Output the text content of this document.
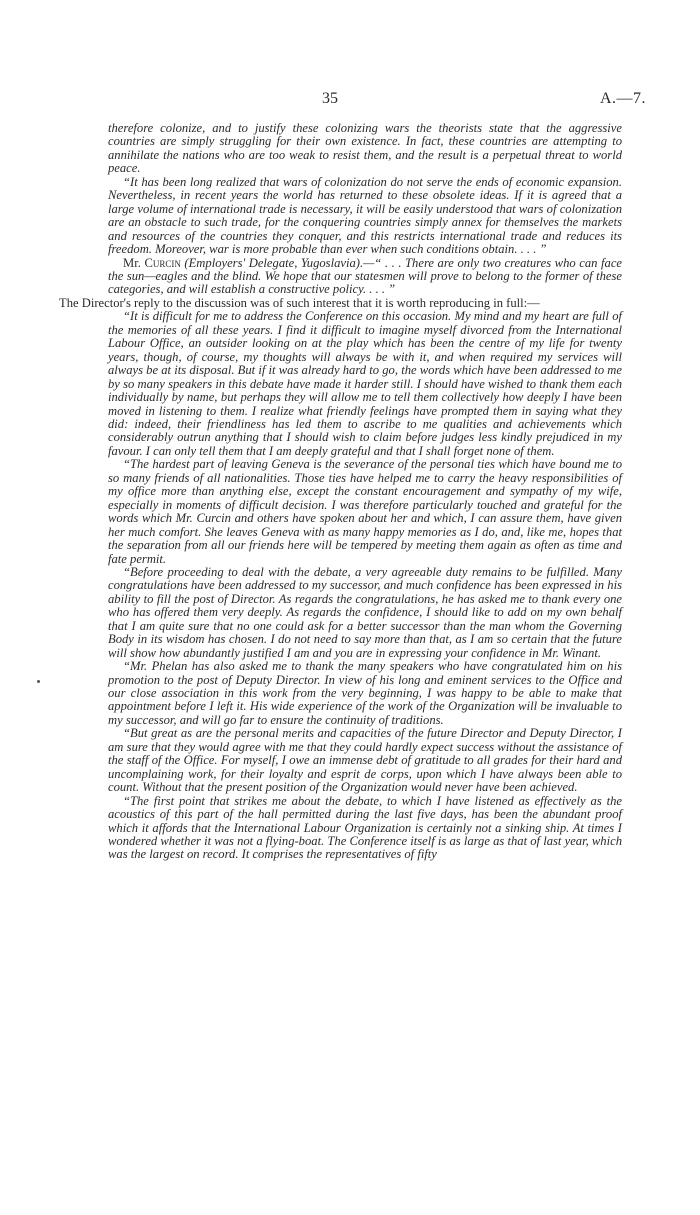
35	A.—7.

therefore colonize, and to justify these colonizing wars the theorists state that the aggressive countries are simply struggling for their own existence. In fact, these countries are attempting to annihilate the nations who are too weak to resist them, and the result is a perpetual threat to world peace.

“It has been long realized that wars of colonization do not serve the ends of economic expansion. Nevertheless, in recent years the world has returned to these obsolete ideas. If it is agreed that a large volume of international trade is necessary, it will be easily understood that wars of colonization are an obstacle to such trade, for the conquering countries simply annex for themselves the markets and resources of the countries they conquer, and this restricts international trade and reduces its freedom. Moreover, war is more probable than ever when such conditions obtain. . . . ”

Mr. Curcin (Employers' Delegate, Yugoslavia).—“ . . . There are only two creatures who can face the sun—eagles and the blind. We hope that our statesmen will prove to belong to the former of these categories, and will establish a constructive policy. . . . ”

The Director's reply to the discussion was of such interest that it is worth reproducing in full:—

“It is difficult for me to address the Conference on this occasion. My mind and my heart are full of the memories of all these years. I find it difficult to imagine myself divorced from the International Labour Office, an outsider looking on at the play which has been the centre of my life for twenty years, though, of course, my thoughts will always be with it, and when required my services will always be at its disposal. But if it was already hard to go, the words which have been addressed to me by so many speakers in this debate have made it harder still. I should have wished to thank them each individually by name, but perhaps they will allow me to tell them collectively how deeply I have been moved in listening to them. I realize what friendly feelings have prompted them in saying what they did: indeed, their friendliness has led them to ascribe to me qualities and achievements which considerably outrun anything that I should wish to claim before judges less kindly prejudiced in my favour. I can only tell them that I am deeply grateful and that I shall forget none of them.

“The hardest part of leaving Geneva is the severance of the personal ties which have bound me to so many friends of all nationalities. Those ties have helped me to carry the heavy responsibilities of my office more than anything else, except the constant encouragement and sympathy of my wife, especially in moments of difficult decision. I was therefore particularly touched and grateful for the words which Mr. Curcin and others have spoken about her and which, I can assure them, have given her much comfort. She leaves Geneva with as many happy memories as I do, and, like me, hopes that the separation from all our friends here will be tempered by meeting them again as often as time and fate permit.

“Before proceeding to deal with the debate, a very agreeable duty remains to be fulfilled. Many congratulations have been addressed to my successor, and much confidence has been expressed in his ability to fill the post of Director. As regards the congratulations, he has asked me to thank every one who has offered them very deeply. As regards the confidence, I should like to add on my own behalf that I am quite sure that no one could ask for a better successor than the man whom the Governing Body in its wisdom has chosen. I do not need to say more than that, as I am so certain that the future will show how abundantly justified I am and you are in expressing your confidence in Mr. Winant.

“Mr. Phelan has also asked me to thank the many speakers who have congratulated him on his promotion to the post of Deputy Director. In view of his long and eminent services to the Office and our close association in this work from the very beginning, I was happy to be able to make that appointment before I left it. His wide experience of the work of the Organization will be invaluable to my successor, and will go far to ensure the continuity of traditions.

“But great as are the personal merits and capacities of the future Director and Deputy Director, I am sure that they would agree with me that they could hardly expect success without the assistance of the staff of the Office. For myself, I owe an immense debt of gratitude to all grades for their hard and uncomplaining work, for their loyalty and esprit de corps, upon which I have always been able to count. Without that the present position of the Organization would never have been achieved.

“The first point that strikes me about the debate, to which I have listened as effectively as the acoustics of this part of the hall permitted during the last five days, has been the abundant proof which it affords that the International Labour Organization is certainly not a sinking ship. At times I wondered whether it was not a flying-boat. The Conference itself is as large as that of last year, which was the largest on record. It comprises the representatives of fifty
